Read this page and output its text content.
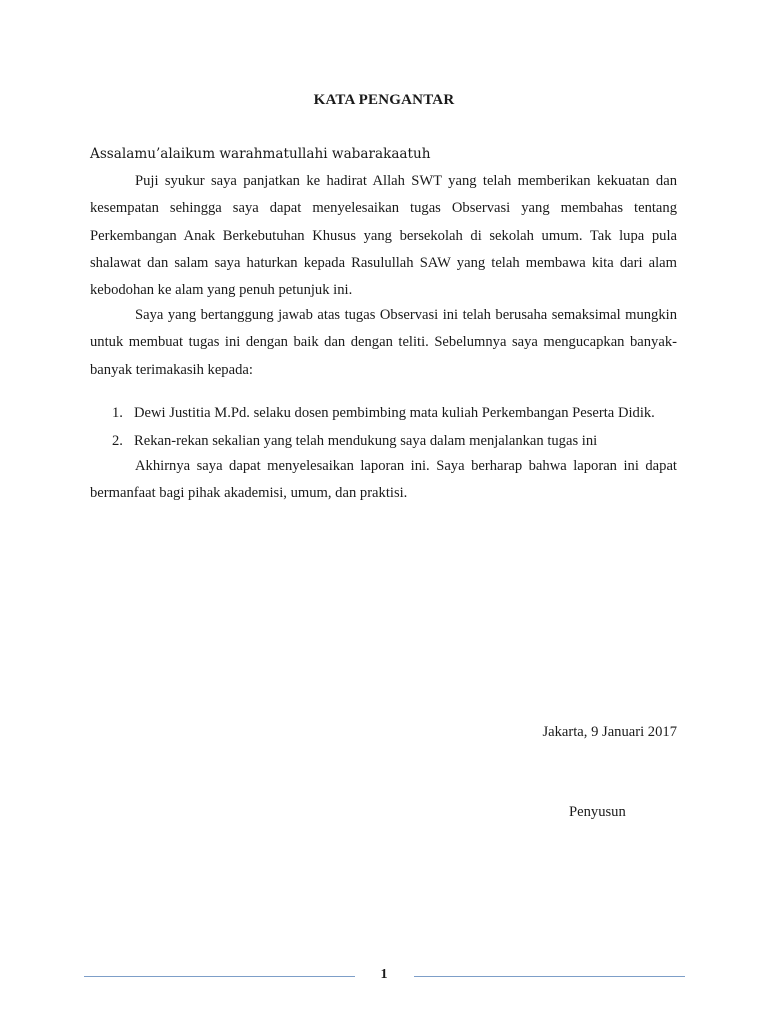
KATA PENGANTAR
Assalamu’alaikum warahmatullahi wabarakaatuh

Puji syukur saya panjatkan ke hadirat Allah SWT yang telah memberikan kekuatan dan kesempatan sehingga saya dapat menyelesaikan tugas Observasi yang membahas tentang Perkembangan Anak Berkebutuhan Khusus yang bersekolah di sekolah umum. Tak lupa pula shalawat dan salam saya haturkan kepada Rasulullah SAW yang telah membawa kita dari alam kebodohan ke alam yang penuh petunjuk ini.

Saya yang bertanggung jawab atas tugas Observasi ini telah berusaha semaksimal mungkin untuk membuat tugas ini dengan baik dan dengan teliti. Sebelumnya saya mengucapkan banyak-banyak terimakasih kepada:

1. Dewi Justitia M.Pd. selaku dosen pembimbing mata kuliah Perkembangan Peserta Didik.
2. Rekan-rekan sekalian yang telah mendukung saya dalam menjalankan tugas ini

Akhirnya saya dapat menyelesaikan laporan ini. Saya berharap bahwa laporan ini dapat bermanfaat bagi pihak akademisi, umum, dan praktisi.

Jakarta, 9 Januari 2017
Penyusun
1
